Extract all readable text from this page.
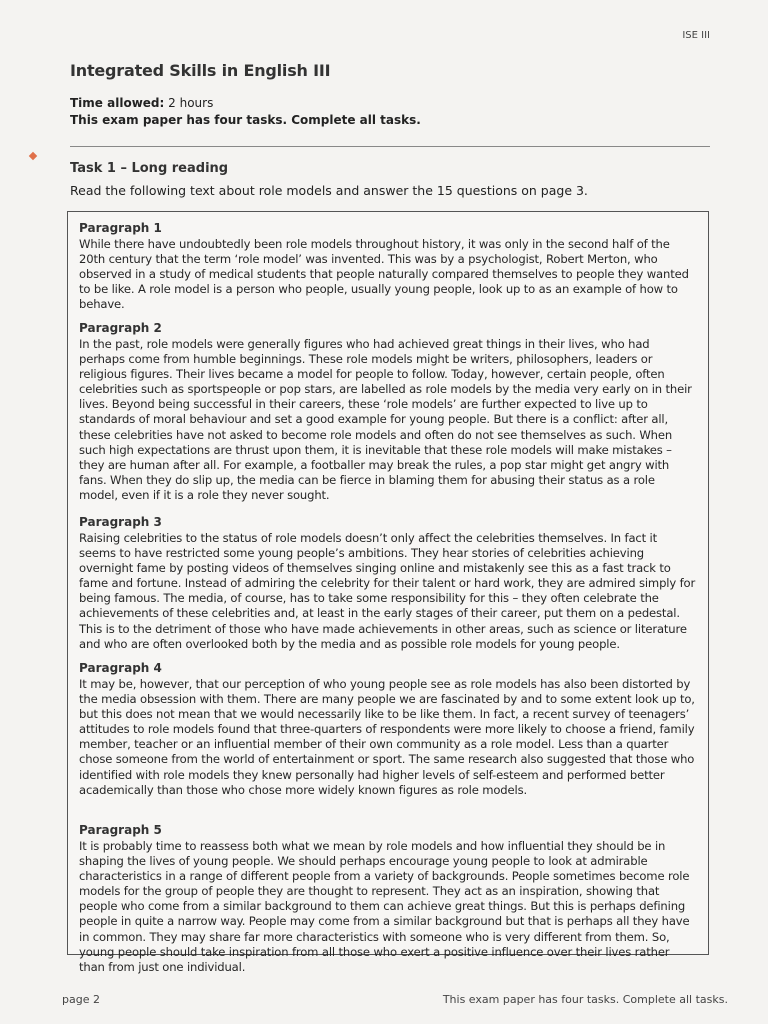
ISE III
Integrated Skills in English III
Time allowed: 2 hours
This exam paper has four tasks. Complete all tasks.
Task 1 – Long reading
Read the following text about role models and answer the 15 questions on page 3.
Paragraph 1
While there have undoubtedly been role models throughout history, it was only in the second half of the 20th century that the term ‘role model’ was invented. This was by a psychologist, Robert Merton, who observed in a study of medical students that people naturally compared themselves to people they wanted to be like. A role model is a person who people, usually young people, look up to as an example of how to behave.
Paragraph 2
In the past, role models were generally figures who had achieved great things in their lives, who had perhaps come from humble beginnings. These role models might be writers, philosophers, leaders or religious figures. Their lives became a model for people to follow. Today, however, certain people, often celebrities such as sportspeople or pop stars, are labelled as role models by the media very early on in their lives. Beyond being successful in their careers, these ‘role models’ are further expected to live up to standards of moral behaviour and set a good example for young people. But there is a conflict: after all, these celebrities have not asked to become role models and often do not see themselves as such. When such high expectations are thrust upon them, it is inevitable that these role models will make mistakes – they are human after all. For example, a footballer may break the rules, a pop star might get angry with fans. When they do slip up, the media can be fierce in blaming them for abusing their status as a role model, even if it is a role they never sought.
Paragraph 3
Raising celebrities to the status of role models doesn’t only affect the celebrities themselves. In fact it seems to have restricted some young people’s ambitions. They hear stories of celebrities achieving overnight fame by posting videos of themselves singing online and mistakenly see this as a fast track to fame and fortune. Instead of admiring the celebrity for their talent or hard work, they are admired simply for being famous. The media, of course, has to take some responsibility for this – they often celebrate the achievements of these celebrities and, at least in the early stages of their career, put them on a pedestal. This is to the detriment of those who have made achievements in other areas, such as science or literature and who are often overlooked both by the media and as possible role models for young people.
Paragraph 4
It may be, however, that our perception of who young people see as role models has also been distorted by the media obsession with them. There are many people we are fascinated by and to some extent look up to, but this does not mean that we would necessarily like to be like them. In fact, a recent survey of teenagers’ attitudes to role models found that three-quarters of respondents were more likely to choose a friend, family member, teacher or an influential member of their own community as a role model. Less than a quarter chose someone from the world of entertainment or sport. The same research also suggested that those who identified with role models they knew personally had higher levels of self-esteem and performed better academically than those who chose more widely known figures as role models.
Paragraph 5
It is probably time to reassess both what we mean by role models and how influential they should be in shaping the lives of young people. We should perhaps encourage young people to look at admirable characteristics in a range of different people from a variety of backgrounds. People sometimes become role models for the group of people they are thought to represent. They act as an inspiration, showing that people who come from a similar background to them can achieve great things. But this is perhaps defining people in quite a narrow way. People may come from a similar background but that is perhaps all they have in common. They may share far more characteristics with someone who is very different from them. So, young people should take inspiration from all those who exert a positive influence over their lives rather than from just one individual.
page 2	This exam paper has four tasks. Complete all tasks.
